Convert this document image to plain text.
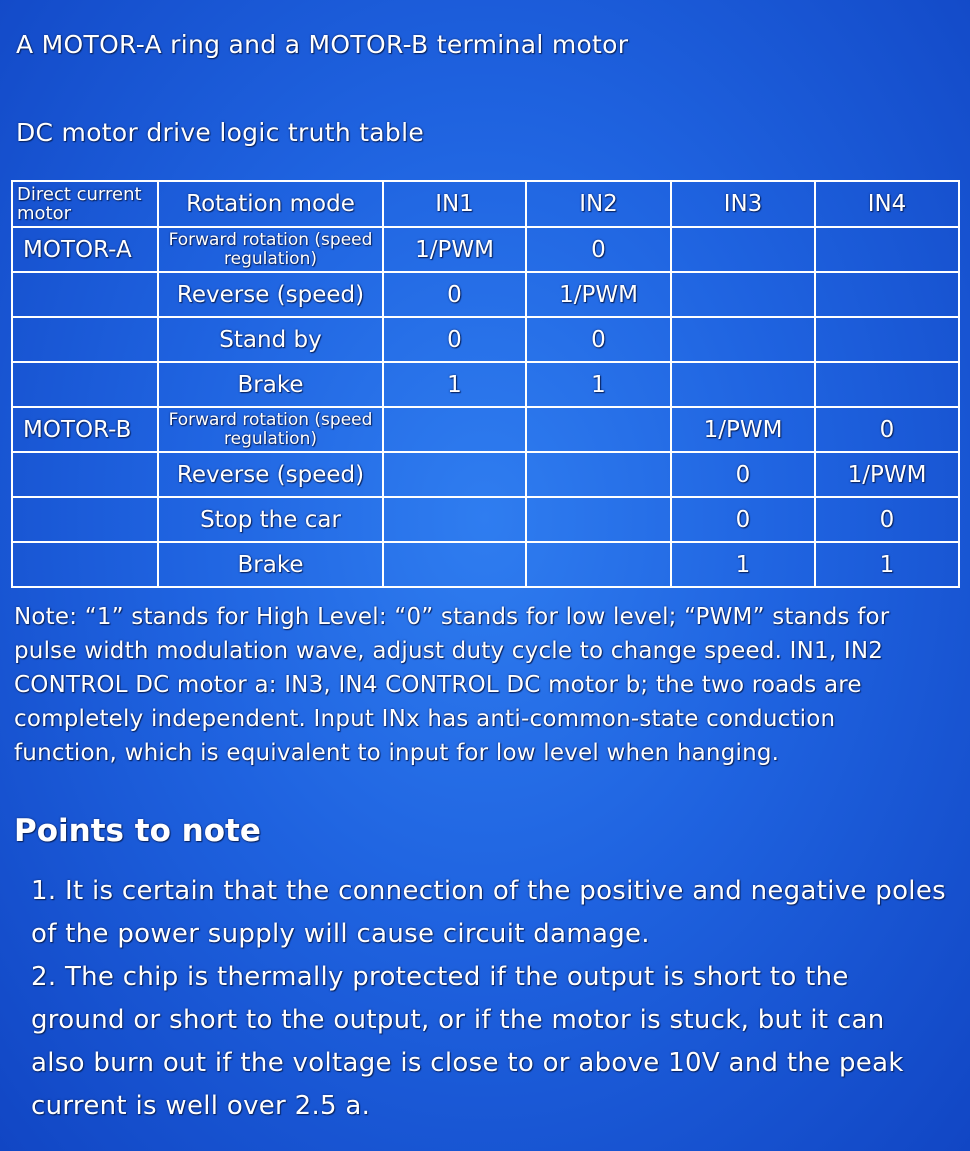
A MOTOR-A ring and a MOTOR-B terminal motor
DC motor drive logic truth table
Direct current motor	Rotation mode	IN1	IN2	IN3	IN4
MOTOR-A	Forward rotation (speed regulation)	1/PWM	0		
	Reverse (speed)	0	1/PWM		
	Stand by	0	0		
	Brake	1	1		
MOTOR-B	Forward rotation (speed regulation)			1/PWM	0
	Reverse (speed)			0	1/PWM
	Stop the car			0	0
	Brake			1	1
Note: “1” stands for High Level: “0” stands for low level; “PWM” stands for pulse width modulation wave, adjust duty cycle to change speed. IN1, IN2 CONTROL DC motor a: IN3, IN4 CONTROL DC motor b; the two roads are completely independent. Input INx has anti-common-state conduction function, which is equivalent to input for low level when hanging.
Points to note
1. It is certain that the connection of the positive and negative poles of the power supply will cause circuit damage.
2. The chip is thermally protected if the output is short to the ground or short to the output, or if the motor is stuck, but it can also burn out if the voltage is close to or above 10V and the peak current is well over 2.5 a.
